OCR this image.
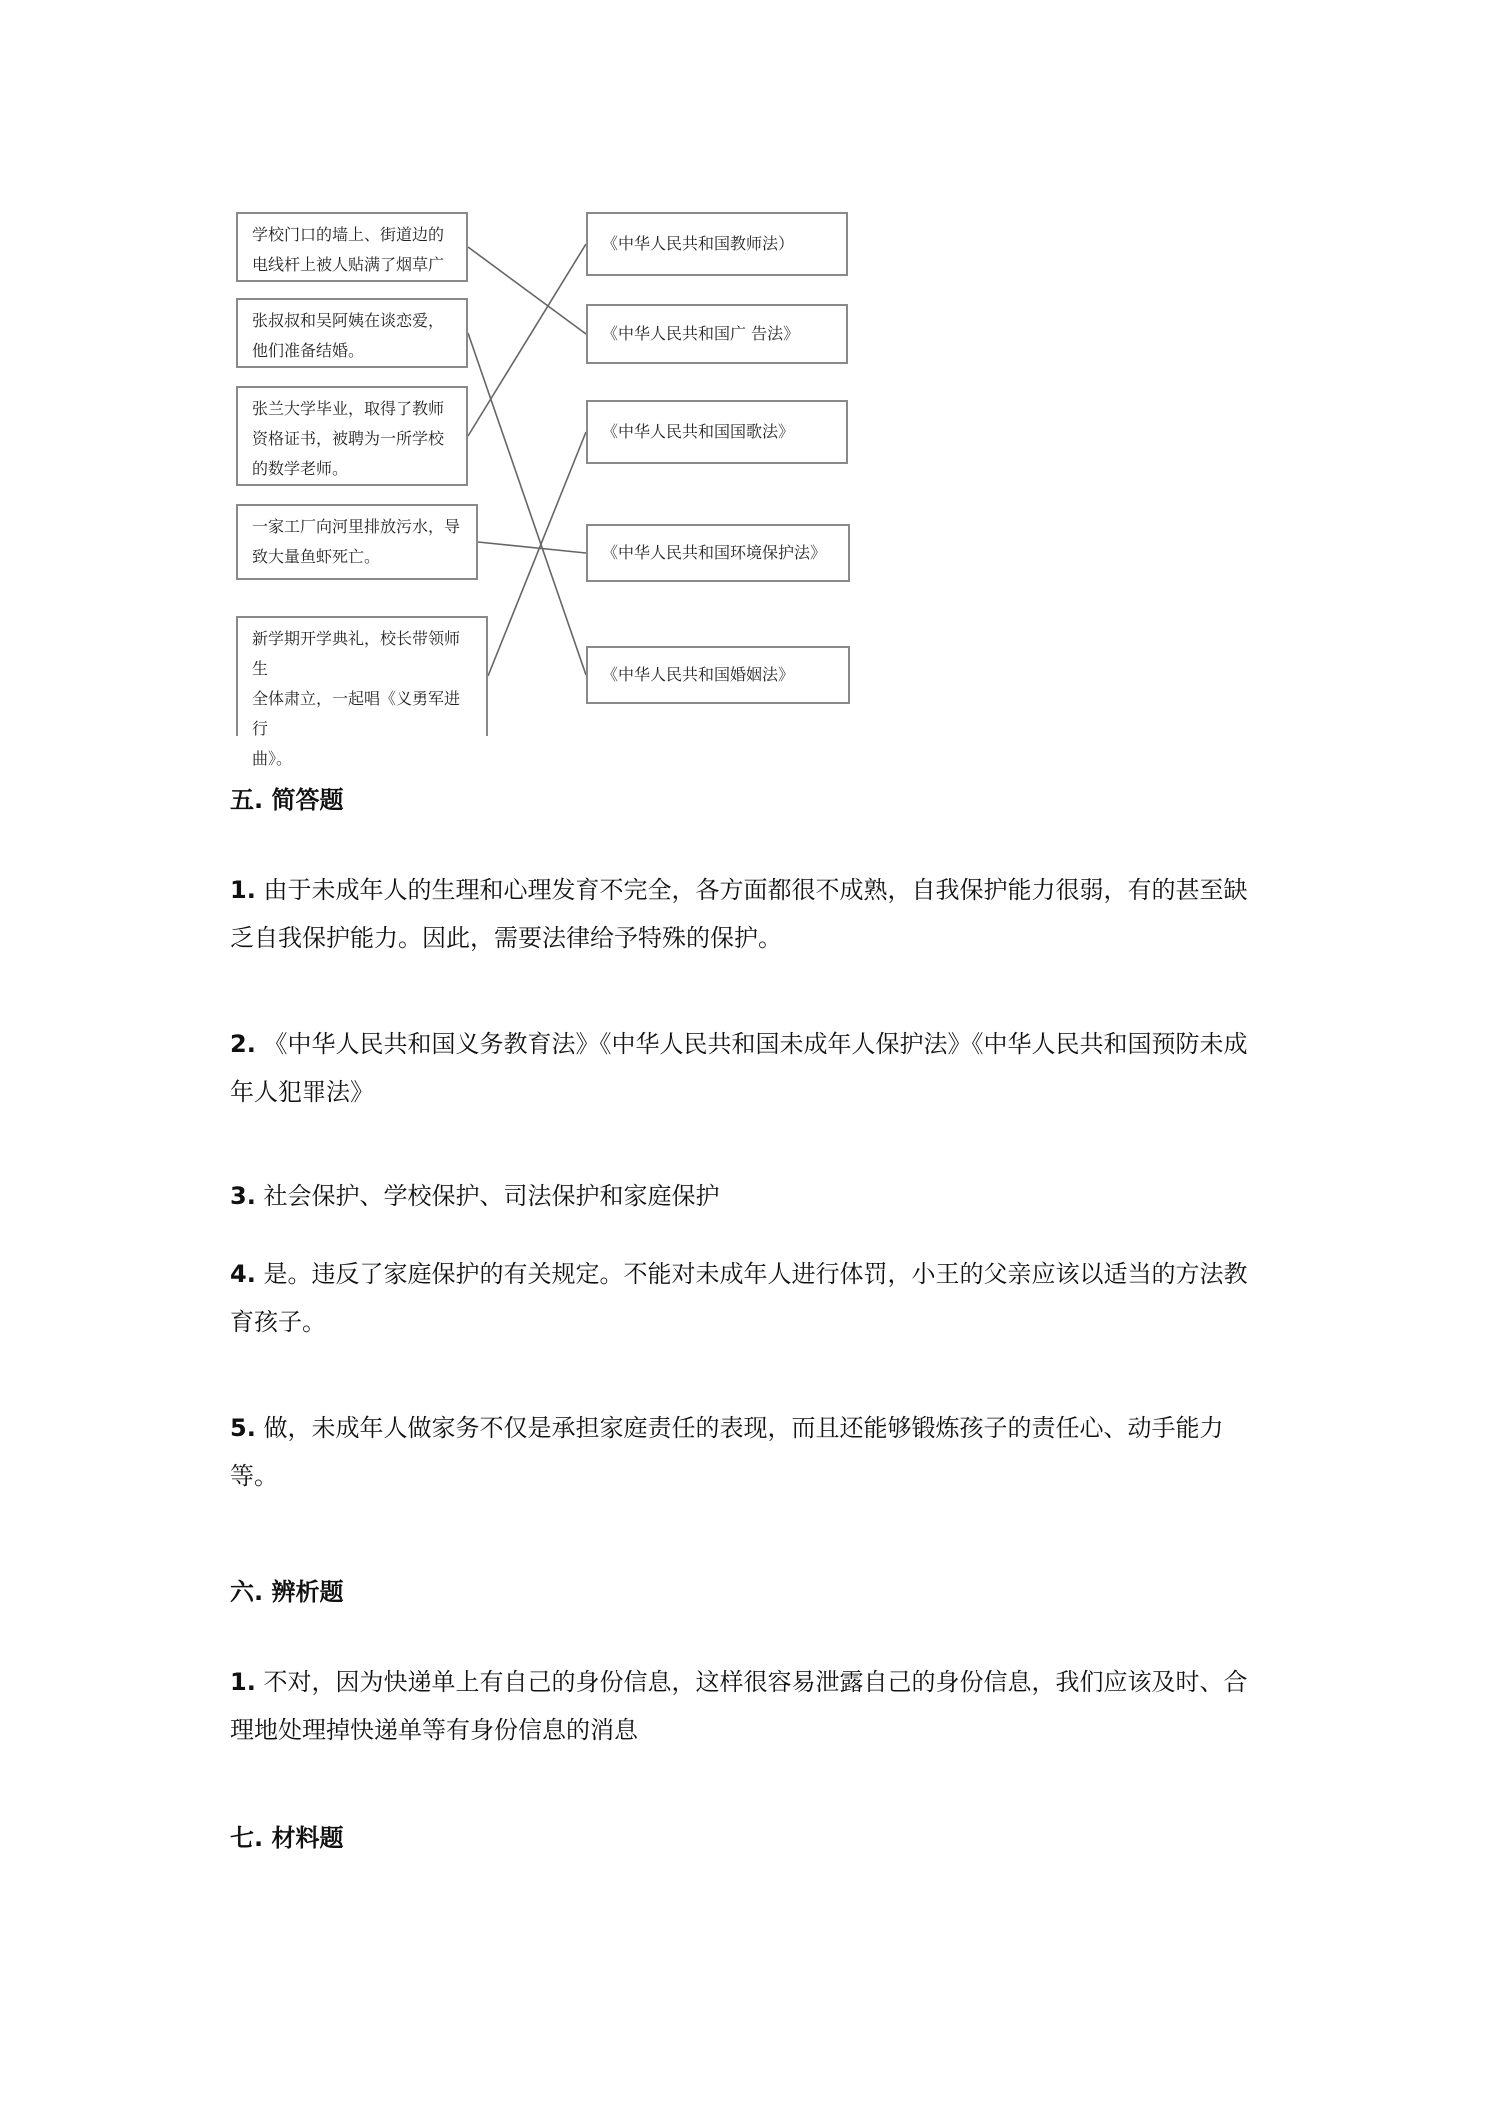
学校门口的墙上、街道边的
电线杆上被人贴满了烟草广
张叔叔和吴阿姨在谈恋爱，
他们准备结婚。
张兰大学毕业，取得了教师
资格证书，被聘为一所学校
的数学老师。
一家工厂向河里排放污水，导
致大量鱼虾死亡。
新学期开学典礼，校长带领师生
全体肃立，一起唱《义勇军进行
曲》。
《中华人民共和国教师法）
《中华人民共和国广 告法》
《中华人民共和国国歌法》
《中华人民共和国环境保护法》
《中华人民共和国婚姻法》
五. 简答题
1. 由于未成年人的生理和心理发育不完全，各方面都很不成熟，自我保护能力很弱，有的甚至缺乏自我保护能力。因此，需要法律给予特殊的保护。
2. 《中华人民共和国义务教育法》《中华人民共和国未成年人保护法》《中华人民共和国预防未成年人犯罪法》
3. 社会保护、学校保护、司法保护和家庭保护
4. 是。违反了家庭保护的有关规定。不能对未成年人进行体罚，小王的父亲应该以适当的方法教育孩子。
5. 做，未成年人做家务不仅是承担家庭责任的表现，而且还能够锻炼孩子的责任心、动手能力等。
六. 辨析题
1. 不对，因为快递单上有自己的身份信息，这样很容易泄露自己的身份信息，我们应该及时、合理地处理掉快递单等有身份信息的消息
七. 材料题
